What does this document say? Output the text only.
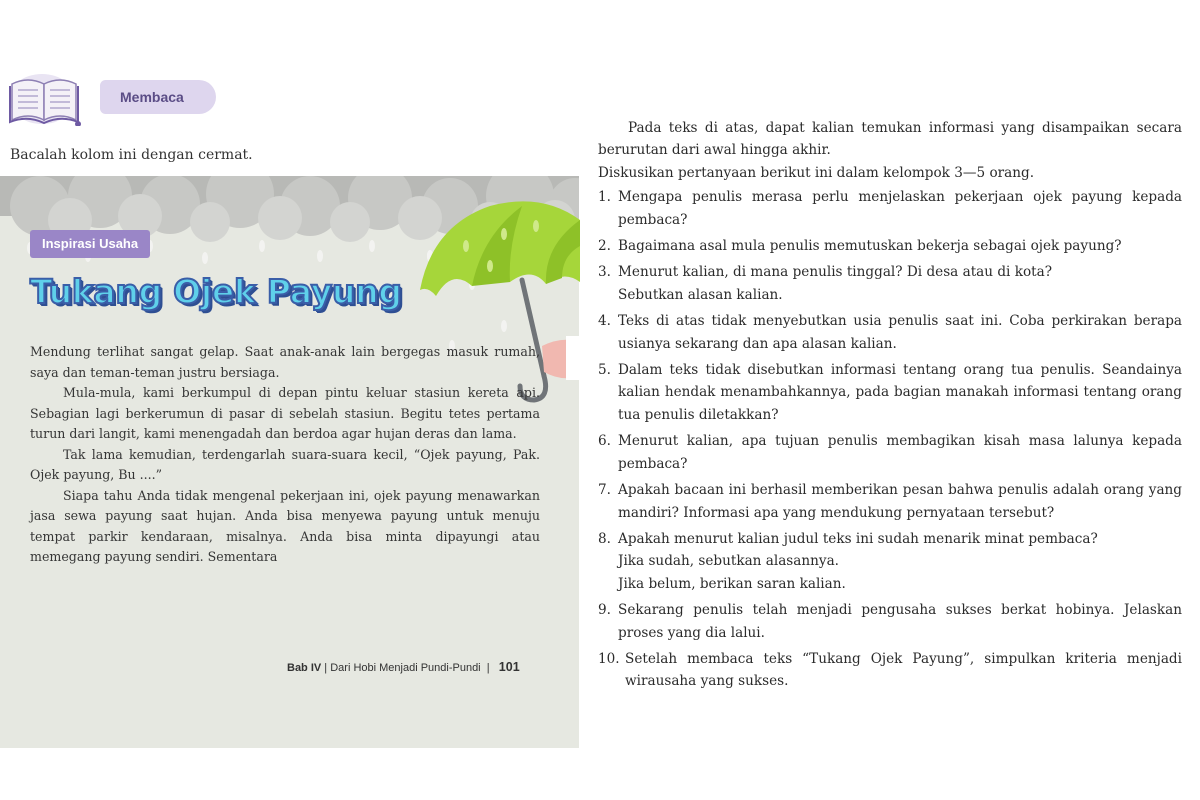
Membaca
Bacalah kolom ini dengan cermat.
Inspirasi Usaha
Tukang Ojek Payung

Mendung terlihat sangat gelap. Saat anak-anak lain bergegas masuk rumah, saya dan teman-teman justru bersiaga.

Mula-mula, kami berkumpul di depan pintu keluar stasiun kereta api. Sebagian lagi berkerumun di pasar di sebelah stasiun. Begitu tetes pertama turun dari langit, kami menengadah dan berdoa agar hujan deras dan lama.

Tak lama kemudian, terdengarlah suara-suara kecil, “Ojek payung, Pak. Ojek payung, Bu ....”

Siapa tahu Anda tidak mengenal pekerjaan ini, ojek payung menawarkan jasa sewa payung saat hujan. Anda bisa menyewa payung untuk menuju tempat parkir kendaraan, misalnya. Anda bisa minta dipayungi atau memegang payung sendiri. Sementara

Bab IV | Dari Hobi Menjadi Pundi-Pundi  |   101

Pada teks di atas, dapat kalian temukan informasi yang disampaikan secara berurutan dari awal hingga akhir.

Diskusikan pertanyaan berikut ini dalam kelompok 3—5 orang.

1. Mengapa penulis merasa perlu menjelaskan pekerjaan ojek payung kepada pembaca?
2. Bagaimana asal mula penulis memutuskan bekerja sebagai ojek payung?
3. Menurut kalian, di mana penulis tinggal? Di desa atau di kota?
Sebutkan alasan kalian.
4. Teks di atas tidak menyebutkan usia penulis saat ini. Coba perkirakan berapa usianya sekarang dan apa alasan kalian.
5. Dalam teks tidak disebutkan informasi tentang orang tua penulis. Seandainya kalian hendak menambahkannya, pada bagian manakah informasi tentang orang tua penulis diletakkan?
6. Menurut kalian, apa tujuan penulis membagikan kisah masa lalunya kepada pembaca?
7. Apakah bacaan ini berhasil memberikan pesan bahwa penulis adalah orang yang mandiri? Informasi apa yang mendukung pernyataan tersebut?
8. Apakah menurut kalian judul teks ini sudah menarik minat pembaca?
Jika sudah, sebutkan alasannya.
Jika belum, berikan saran kalian.
9. Sekarang penulis telah menjadi pengusaha sukses berkat hobinya. Jelaskan proses yang dia lalui.
10. Setelah membaca teks “Tukang Ojek Payung”, simpulkan kriteria menjadi wirausaha yang sukses.
